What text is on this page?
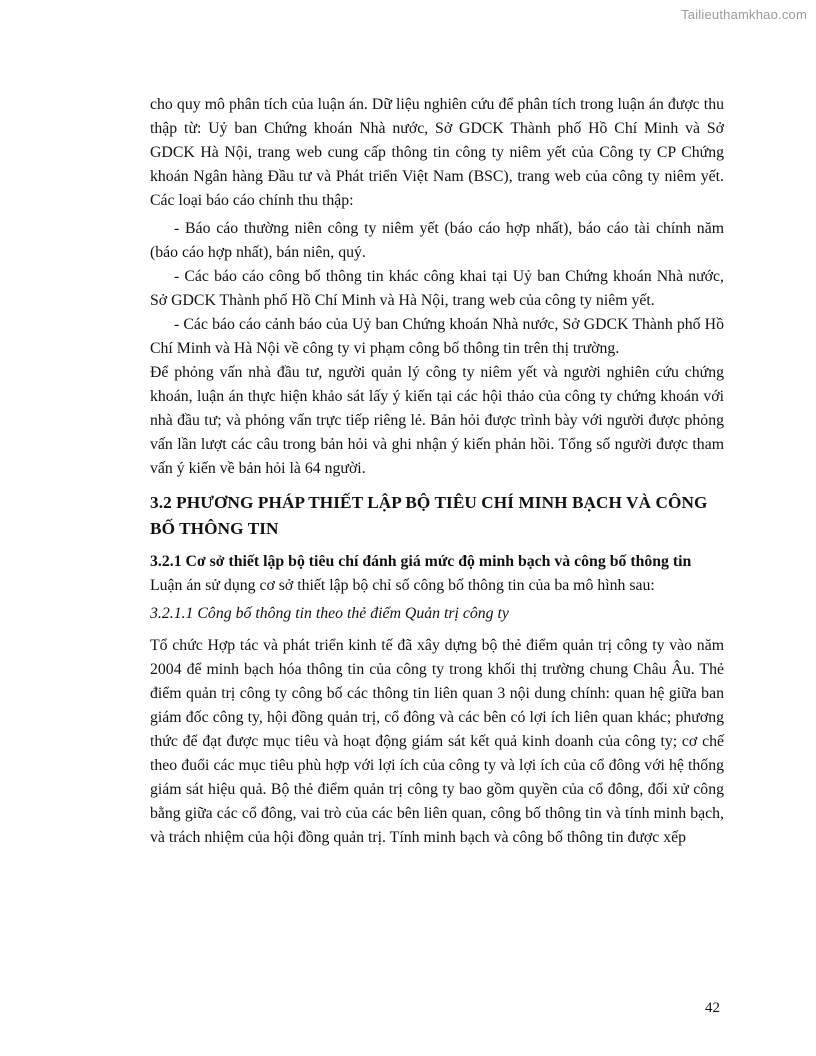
Tailieuthamkhao.com

cho quy mô phân tích của luận án. Dữ liệu nghiên cứu để phân tích trong luận án được thu thập từ: Uỷ ban Chứng khoán Nhà nước, Sở GDCK Thành phố Hồ Chí Minh và Sở GDCK Hà Nội, trang web cung cấp thông tin công ty niêm yết của Công ty CP Chứng khoán Ngân hàng Đầu tư và Phát triển Việt Nam (BSC), trang web của công ty niêm yết. Các loại báo cáo chính thu thập:

- Báo cáo thường niên công ty niêm yết (báo cáo hợp nhất), báo cáo tài chính năm (báo cáo hợp nhất), bán niên, quý.

- Các báo cáo công bố thông tin khác công khai tại Uỷ ban Chứng khoán Nhà nước, Sở GDCK Thành phố Hồ Chí Minh và Hà Nội, trang web của công ty niêm yết.

- Các báo cáo cảnh báo của Uỷ ban Chứng khoán Nhà nước, Sở GDCK Thành phố Hồ Chí Minh và Hà Nội về công ty vi phạm công bố thông tin trên thị trường.

Để phỏng vấn nhà đầu tư, người quản lý công ty niêm yết và người nghiên cứu chứng khoán, luận án thực hiện khảo sát lấy ý kiến tại các hội thảo của công ty chứng khoán với nhà đầu tư; và phỏng vấn trực tiếp riêng lẻ. Bản hỏi được trình bày với người được phỏng vấn lần lượt các câu trong bản hỏi và ghi nhận ý kiến phản hồi. Tổng số người được tham vấn ý kiến về bản hỏi là 64 người.

3.2 PHƯƠNG PHÁP THIẾT LẬP BỘ TIÊU CHÍ MINH BẠCH VÀ CÔNG BỐ THÔNG TIN
3.2.1 Cơ sở thiết lập bộ tiêu chí đánh giá mức độ minh bạch và công bố thông tin

Luận án sử dụng cơ sở thiết lập bộ chỉ số công bố thông tin của ba mô hình sau:

3.2.1.1 Công bố thông tin theo thẻ điểm Quản trị công ty

Tổ chức Hợp tác và phát triển kinh tế đã xây dựng bộ thẻ điểm quản trị công ty vào năm 2004 để minh bạch hóa thông tin của công ty trong khối thị trường chung Châu Âu. Thẻ điểm quản trị công ty công bố các thông tin liên quan 3 nội dung chính: quan hệ giữa ban giám đốc công ty, hội đồng quản trị, cổ đông và các bên có lợi ích liên quan khác; phương thức để đạt được mục tiêu và hoạt động giám sát kết quả kinh doanh của công ty; cơ chế theo đuổi các mục tiêu phù hợp với lợi ích của công ty và lợi ích của cổ đông với hệ thống giám sát hiệu quả. Bộ thẻ điểm quản trị công ty bao gồm quyền của cổ đông, đối xử công bằng giữa các cổ đông, vai trò của các bên liên quan, công bố thông tin và tính minh bạch, và trách nhiệm của hội đồng quản trị. Tính minh bạch và công bố thông tin được xếp

42
